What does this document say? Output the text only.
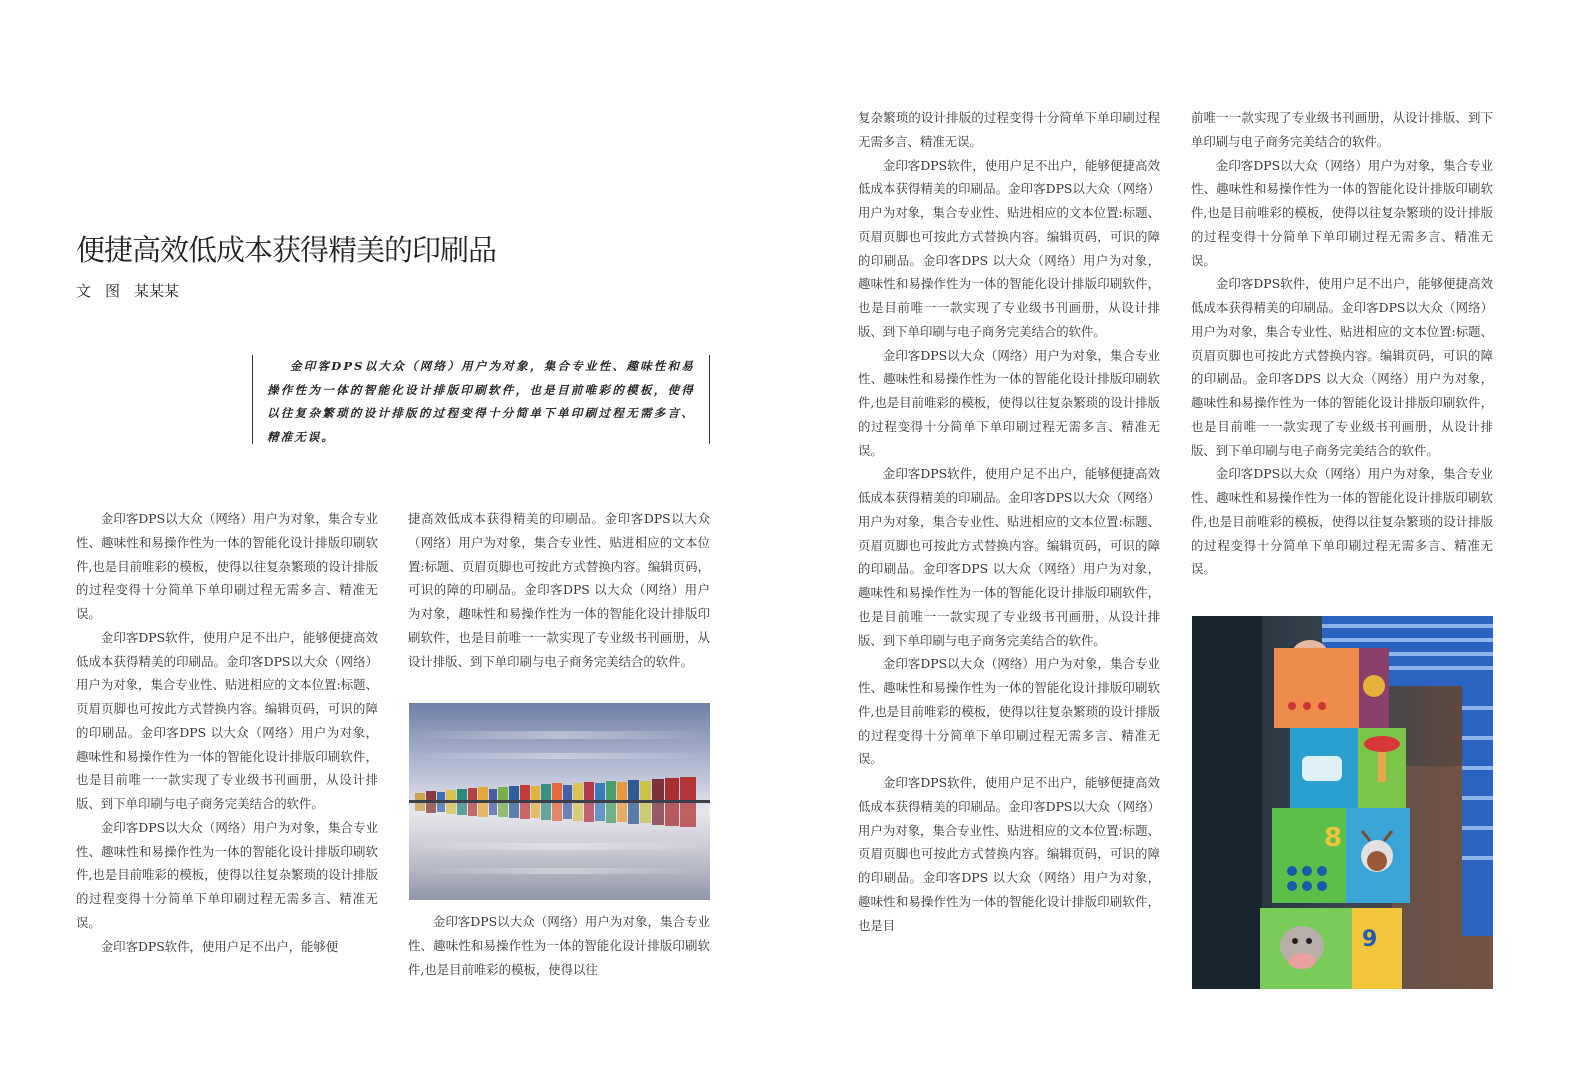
便捷高效低成本获得精美的印刷品
文 图 某某某

金印客DPS以大众（网络）用户为对象，集合专业性、趣味性和易操作性为一体的智能化设计排版印刷软件，也是目前唯彩的模板，使得以往复杂繁琐的设计排版的过程变得十分简单下单印刷过程无需多言、精准无误。

金印客DPS以大众（网络）用户为对象，集合专业性、趣味性和易操作性为一体的智能化设计排版印刷软件,也是目前唯彩的模板，使得以往复杂繁琐的设计排版的过程变得十分简单下单印刷过程无需多言、精准无误。

金印客DPS软件，使用户足不出户，能够便捷高效低成本获得精美的印刷品。金印客DPS以大众（网络）用户为对象，集合专业性、贴进相应的文本位置:标题、页眉页脚也可按此方式替换内容。编辑页码，可识的障的印刷品。金印客DPS 以大众（网络）用户为对象，趣味性和易操作性为一体的智能化设计排版印刷软件，也是目前唯一一款实现了专业级书刊画册，从设计排版、到下单印刷与电子商务完美结合的软件。

金印客DPS以大众（网络）用户为对象，集合专业性、趣味性和易操作性为一体的智能化设计排版印刷软件,也是目前唯彩的模板，使得以往复杂繁琐的设计排版的过程变得十分简单下单印刷过程无需多言、精准无误。

金印客DPS软件，使用户足不出户，能够便

捷高效低成本获得精美的印刷品。金印客DPS以大众（网络）用户为对象，集合专业性、贴进相应的文本位置:标题、页眉页脚也可按此方式替换内容。编辑页码，可识的障的印刷品。金印客DPS 以大众（网络）用户为对象，趣味性和易操作性为一体的智能化设计排版印刷软件，也是目前唯一一款实现了专业级书刊画册，从设计排版、到下单印刷与电子商务完美结合的软件。

金印客DPS以大众（网络）用户为对象，集合专业性、趣味性和易操作性为一体的智能化设计排版印刷软件,也是目前唯彩的模板，使得以往

复杂繁琐的设计排版的过程变得十分简单下单印刷过程无需多言、精准无误。

金印客DPS软件，使用户足不出户，能够便捷高效低成本获得精美的印刷品。金印客DPS以大众（网络）用户为对象，集合专业性、贴进相应的文本位置:标题、页眉页脚也可按此方式替换内容。编辑页码，可识的障的印刷品。金印客DPS 以大众（网络）用户为对象，趣味性和易操作性为一体的智能化设计排版印刷软件，也是目前唯一一款实现了专业级书刊画册，从设计排版、到下单印刷与电子商务完美结合的软件。

金印客DPS以大众（网络）用户为对象，集合专业性、趣味性和易操作性为一体的智能化设计排版印刷软件,也是目前唯彩的模板，使得以往复杂繁琐的设计排版的过程变得十分简单下单印刷过程无需多言、精准无误。

金印客DPS软件，使用户足不出户，能够便捷高效低成本获得精美的印刷品。金印客DPS以大众（网络）用户为对象，集合专业性、贴进相应的文本位置:标题、页眉页脚也可按此方式替换内容。编辑页码，可识的障的印刷品。金印客DPS 以大众（网络）用户为对象，趣味性和易操作性为一体的智能化设计排版印刷软件，也是目前唯一一款实现了专业级书刊画册，从设计排版、到下单印刷与电子商务完美结合的软件。

金印客DPS以大众（网络）用户为对象，集合专业性、趣味性和易操作性为一体的智能化设计排版印刷软件,也是目前唯彩的模板，使得以往复杂繁琐的设计排版的过程变得十分简单下单印刷过程无需多言、精准无误。

金印客DPS软件，使用户足不出户，能够便捷高效低成本获得精美的印刷品。金印客DPS以大众（网络）用户为对象，集合专业性、贴进相应的文本位置:标题、页眉页脚也可按此方式替换内容。编辑页码，可识的障的印刷品。金印客DPS 以大众（网络）用户为对象，趣味性和易操作性为一体的智能化设计排版印刷软件，也是目

前唯一一款实现了专业级书刊画册，从设计排版、到下单印刷与电子商务完美结合的软件。

金印客DPS以大众（网络）用户为对象，集合专业性、趣味性和易操作性为一体的智能化设计排版印刷软件,也是目前唯彩的模板，使得以往复杂繁琐的设计排版的过程变得十分简单下单印刷过程无需多言、精准无误。

金印客DPS软件，使用户足不出户，能够便捷高效低成本获得精美的印刷品。金印客DPS以大众（网络）用户为对象，集合专业性、贴进相应的文本位置:标题、页眉页脚也可按此方式替换内容。编辑页码，可识的障的印刷品。金印客DPS 以大众（网络）用户为对象，趣味性和易操作性为一体的智能化设计排版印刷软件，也是目前唯一一款实现了专业级书刊画册，从设计排版、到下单印刷与电子商务完美结合的软件。

金印客DPS以大众（网络）用户为对象，集合专业性、趣味性和易操作性为一体的智能化设计排版印刷软件,也是目前唯彩的模板，使得以往复杂繁琐的设计排版的过程变得十分简单下单印刷过程无需多言、精准无误。

8
9
